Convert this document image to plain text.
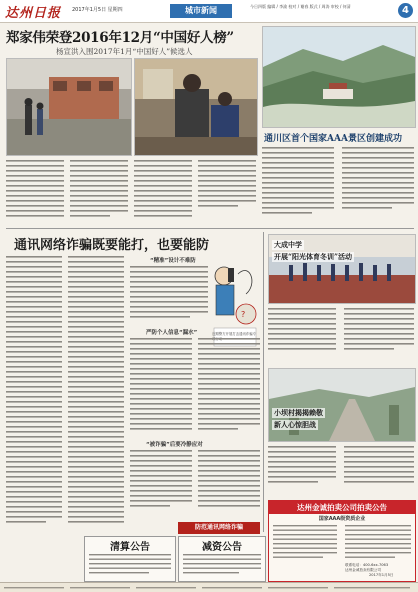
达州日报 2017年1月5日 星期四	城市新闻	今日四版 编辑 / 李渝 校对 / 谢春 版式 / 周涛 审校 / 何清	4
郑家伟荣登2016年12月“中国好人榜”
杨宣洪入围2017年1月“中国好人”候选人
通川区首个国家AAA景区创建成功
通讯网络诈骗既要能打，也要能防
“精准”设计不难防
?
近期警方开展打击通讯诈骗专
严防个人信息“漏水”
“被诈骗”后要冷静应对
防范通讯网络诈骗
大成中学
开展“阳光体育冬训”活动
小坝村揭揭赖敬
新人心惊胆战
达州金诚拍卖公司拍卖公告
国家AAA级资质企业
联系电话：400-6xx-7063
达州金诚拍卖有限公司
2017年1月5日
清算公告	减资公告
